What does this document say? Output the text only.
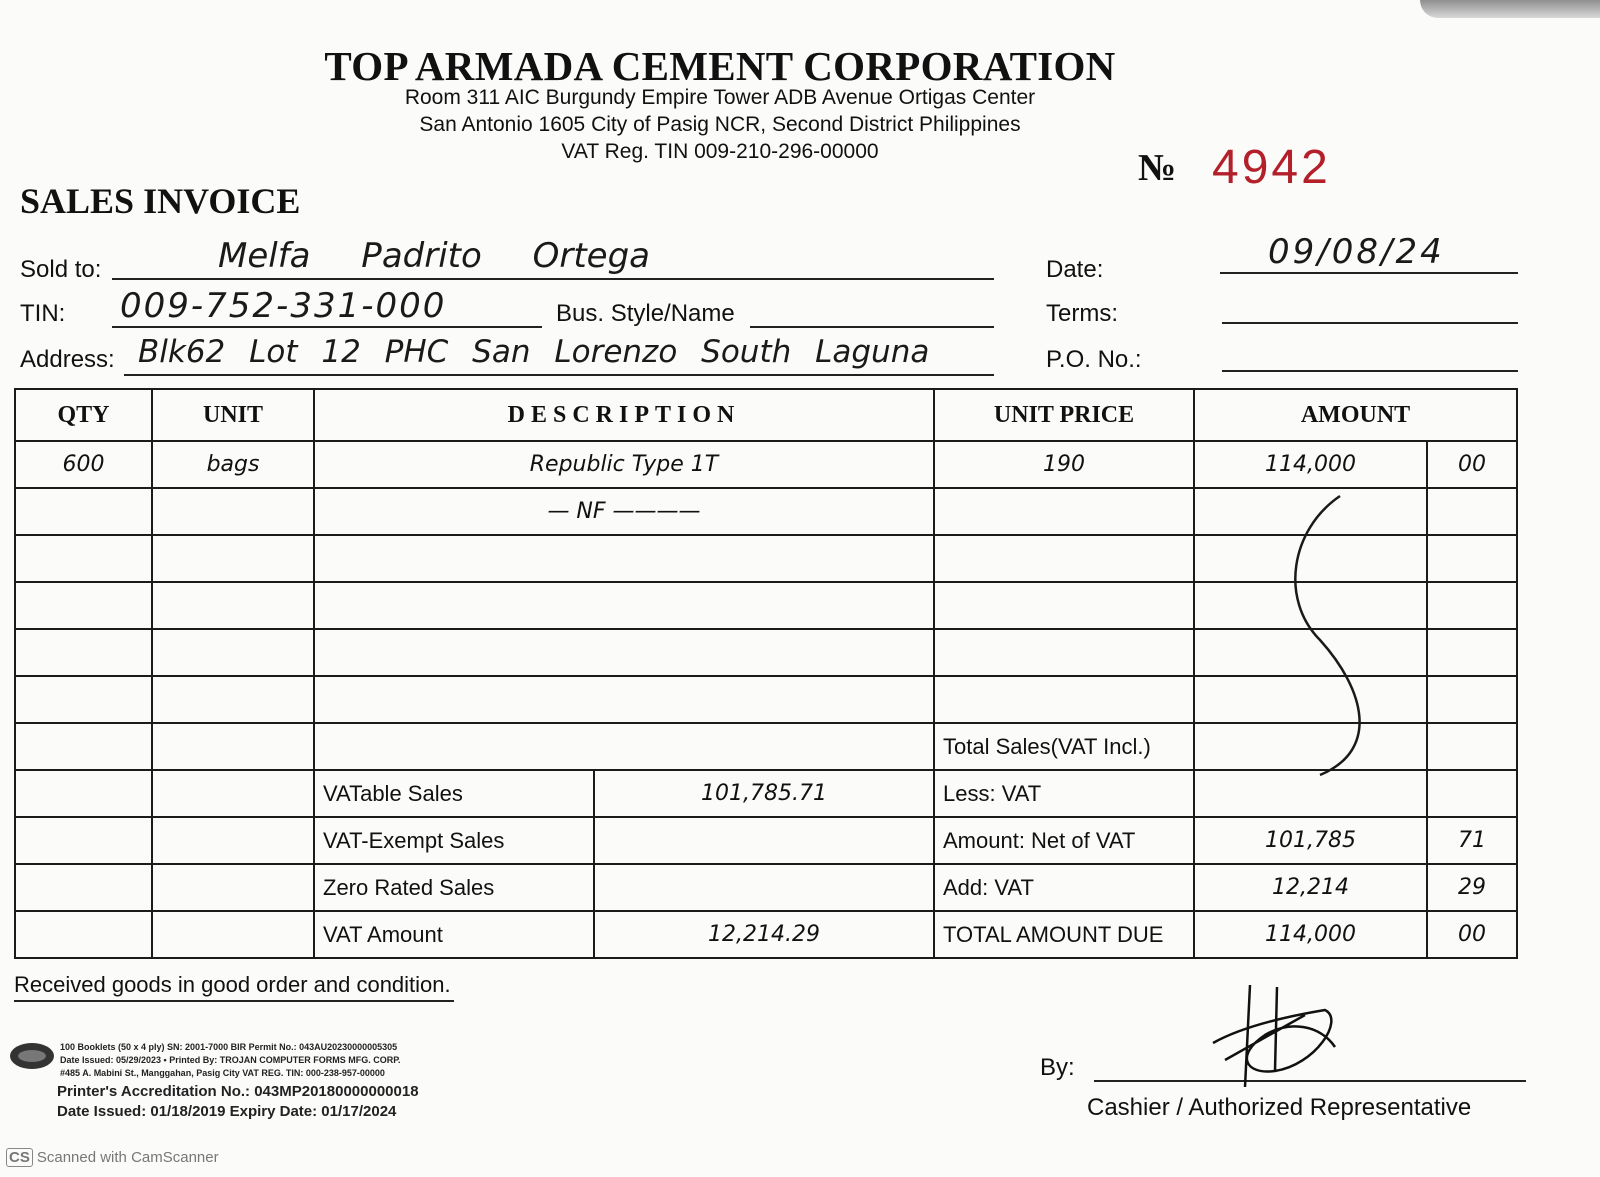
TOP ARMADA CEMENT CORPORATION
Room 311 AIC Burgundy Empire Tower ADB Avenue Ortigas Center
San Antonio 1605 City of Pasig NCR, Second District Philippines
VAT Reg. TIN 009-210-296-00000
SALES INVOICE
№ 4942
Sold to:	Melfa Padrito Ortega
TIN: 009-752-331-000	Bus. Style/Name
Address: Blk62 Lot 12 PHC San Lorenzo South Laguna
Date:	09/08/24
Terms:
P.O. No.:
QTY	UNIT	DESCRIPTION		UNIT PRICE	AMOUNT	
600	bags	Republic Type 1T		190	114,000	00
		— NF ————				

				Total Sales(VAT Incl.)		
		VATable Sales	101,785.71	Less: VAT		
		VAT-Exempt Sales		Amount: Net of VAT	101,785	71
		Zero Rated Sales		Add: VAT	12,214	29
		VAT Amount	12,214.29	TOTAL AMOUNT DUE	114,000	00
Received goods in good order and condition.
100 Booklets (50 x 4 ply) SN: 2001-7000 BIR Permit No.: 043AU20230000005305
Date Issued: 05/29/2023 • Printed By: TROJAN COMPUTER FORMS MFG. CORP.
#485 A. Mabini St., Manggahan, Pasig City VAT REG. TIN: 000-238-957-00000
Printer's Accreditation No.: 043MP20180000000018
Date Issued: 01/18/2019 Expiry Date: 01/17/2024
By:
Cashier / Authorized Representative
CS Scanned with CamScanner
